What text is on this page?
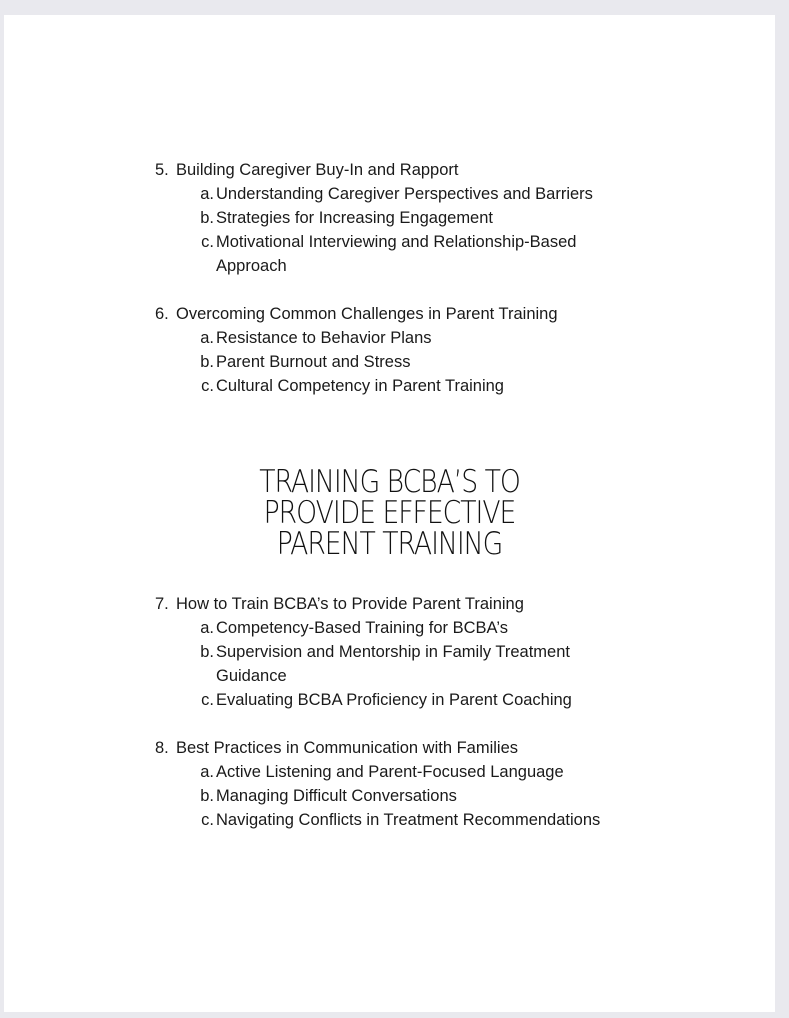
5. Building Caregiver Buy-In and Rapport
a. Understanding Caregiver Perspectives and Barriers
b. Strategies for Increasing Engagement
c. Motivational Interviewing and Relationship-Based Approach
6. Overcoming Common Challenges in Parent Training
a. Resistance to Behavior Plans
b. Parent Burnout and Stress
c. Cultural Competency in Parent Training
TRAINING BCBA’S TO
PROVIDE EFFECTIVE
PARENT TRAINING
7. How to Train BCBA’s to Provide Parent Training
a. Competency-Based Training for BCBA’s
b. Supervision and Mentorship in Family Treatment Guidance
c. Evaluating BCBA Proficiency in Parent Coaching
8. Best Practices in Communication with Families
a. Active Listening and Parent-Focused Language
b. Managing Difficult Conversations
c. Navigating Conflicts in Treatment Recommendations
